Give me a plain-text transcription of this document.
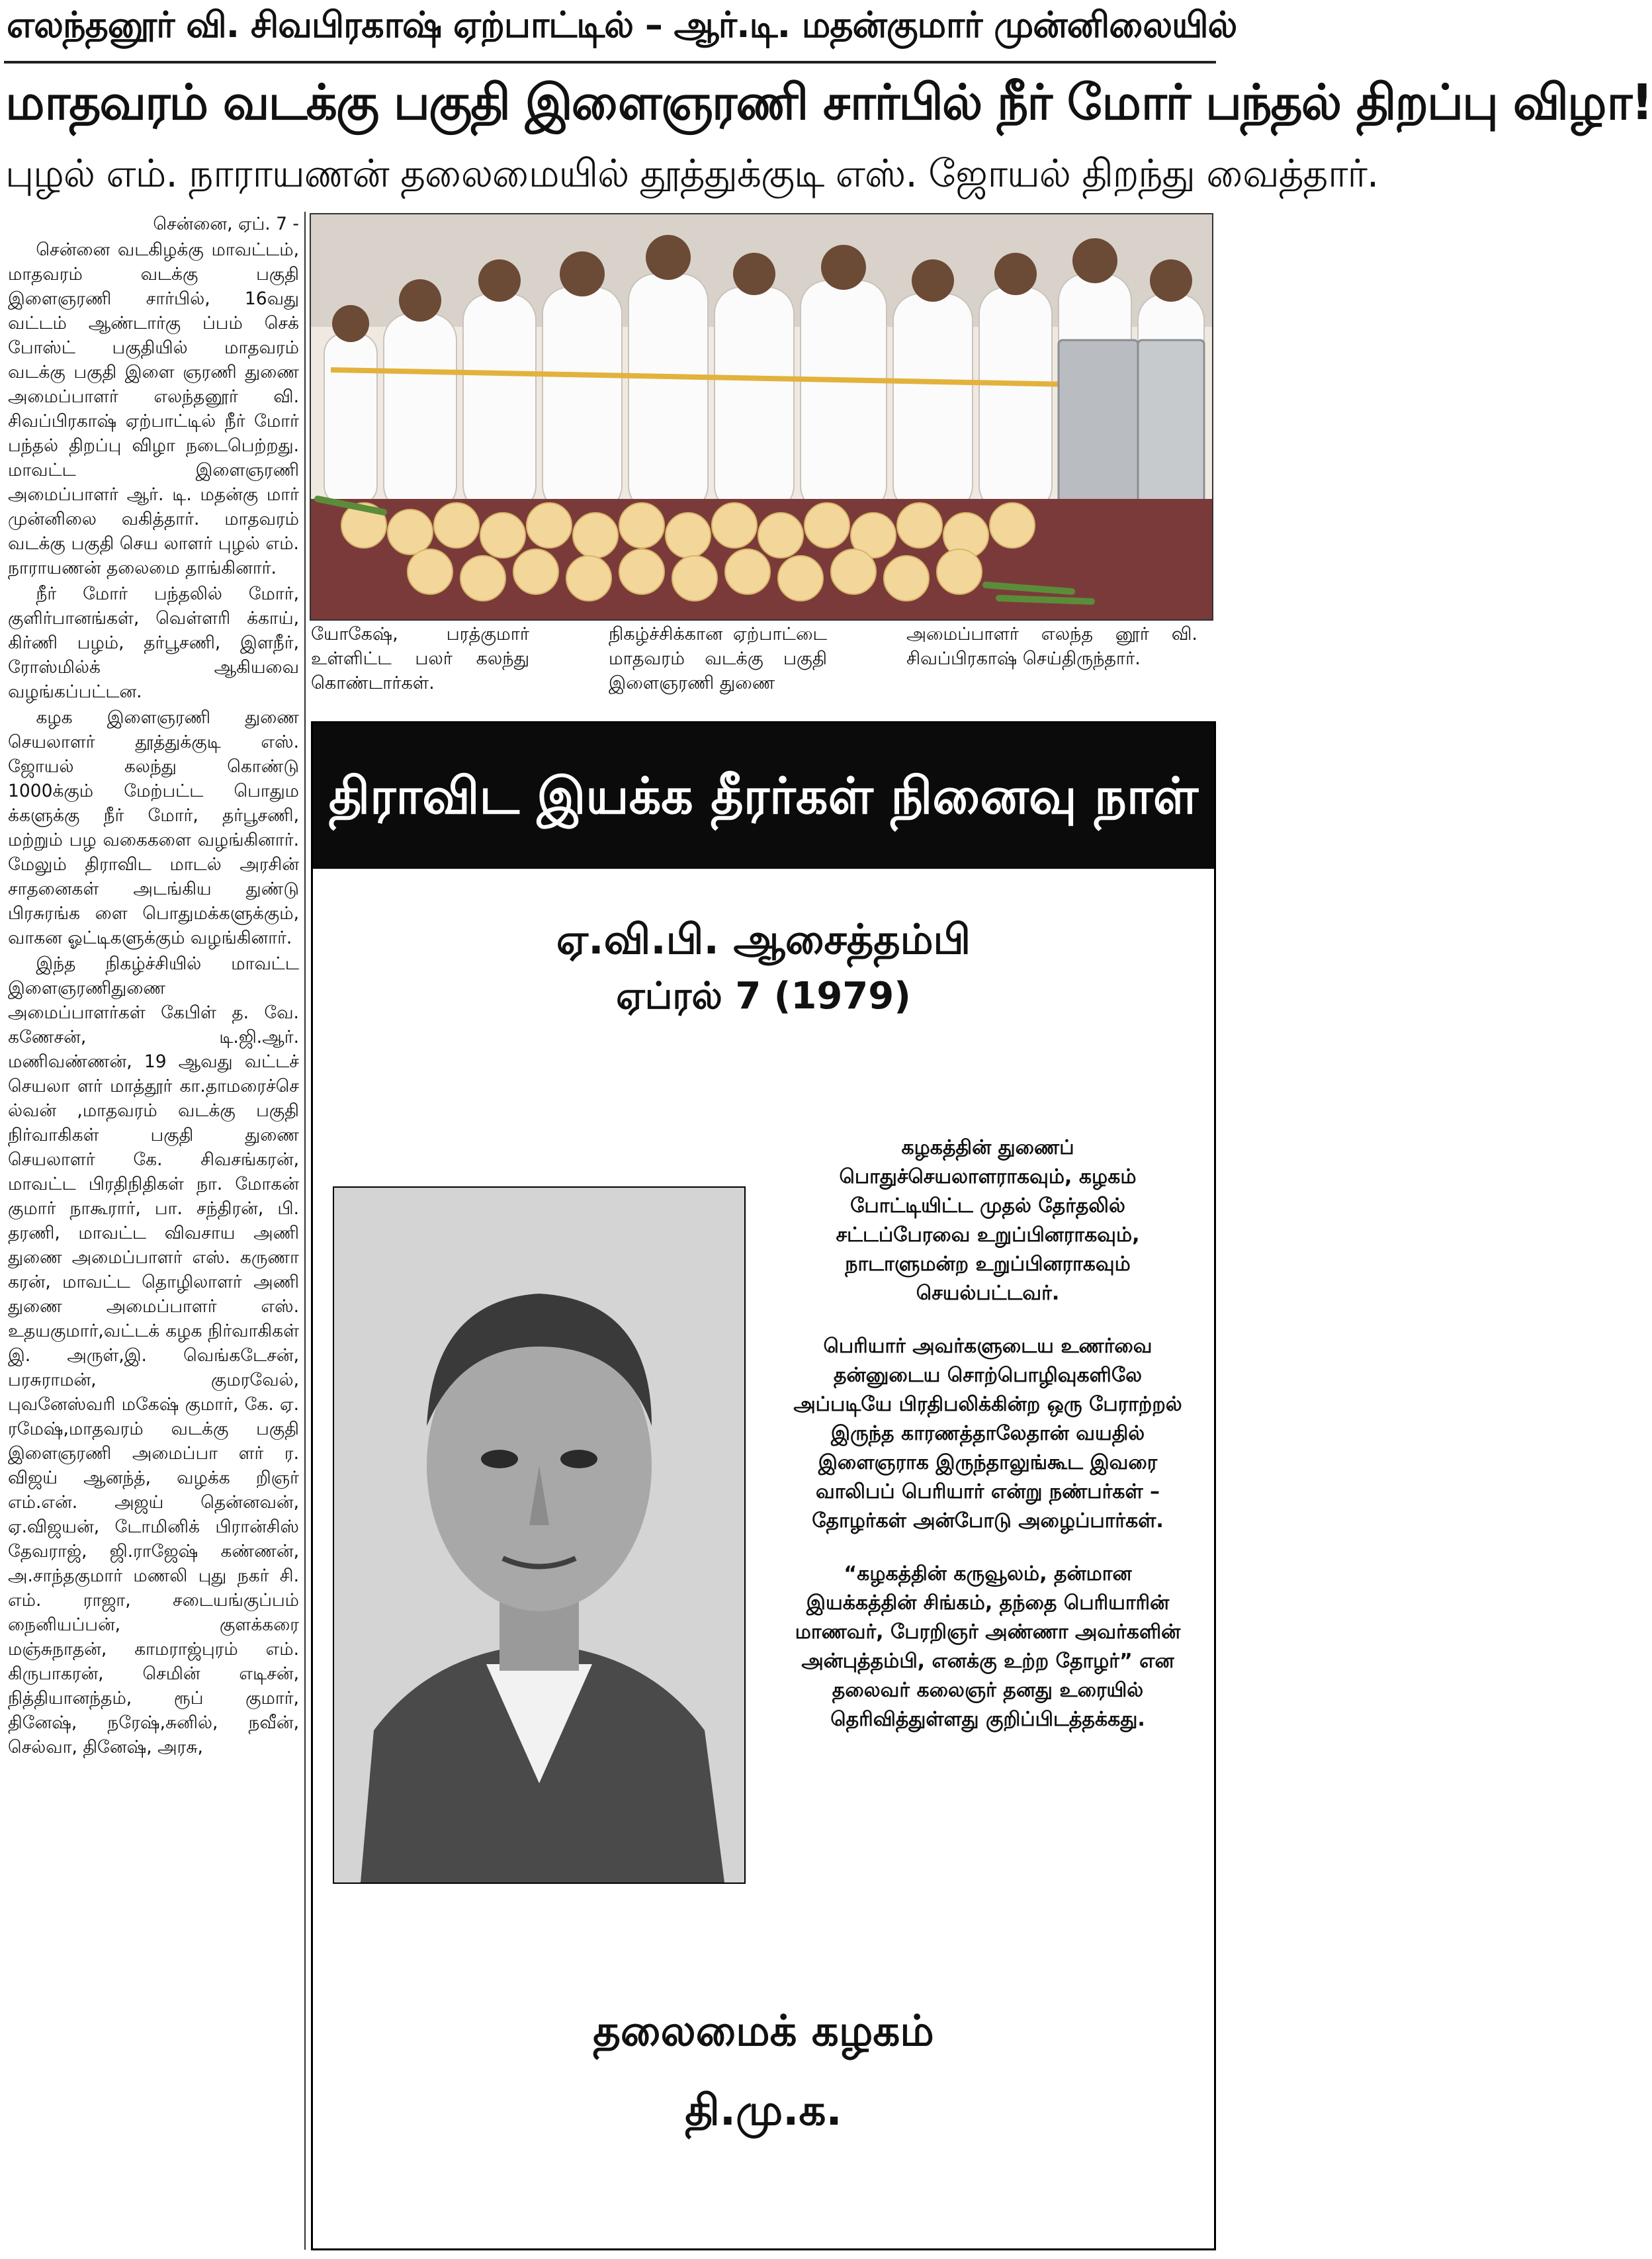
எலந்தனூர் வி. சிவபிரகாஷ் ஏற்பாட்டில் – ஆர்.டி. மதன்குமார் முன்னிலையில்
மாதவரம் வடக்கு பகுதி இளைஞரணி சார்பில் நீர் மோர் பந்தல் திறப்பு விழா!
புழல் எம். நாராயணன் தலைமையில் தூத்துக்குடி எஸ். ஜோயல் திறந்து வைத்தார்.

சென்னை, ஏப். 7 -

சென்னை வடகிழக்கு மாவட்டம், மாதவரம் வடக்கு பகுதி இளைஞரணி சார்பில், 16வது வட்டம் ஆண்டார்கு ப்பம் செக் போஸ்ட் பகுதியில் மாதவரம் வடக்கு பகுதி இளை ஞரணி துணை அமைப்பாளர் எலந்தனூர் வி. சிவப்பிரகாஷ் ஏற்பாட்டில் நீர் மோர் பந்தல் திறப்பு விழா நடைபெற்றது. மாவட்ட இளைஞரணி அமைப்பாளர் ஆர். டி. மதன்கு மார் முன்னிலை வகித்தார். மாதவரம் வடக்கு பகுதி செய லாளர் புழல் எம். நாராயணன் தலைமை தாங்கினார்.

நீர் மோர் பந்தலில் மோர், குளிர்பானங்கள், வெள்ளரி க்காய், கிர்ணி பழம், தர்பூசணி, இளநீர், ரோஸ்மில்க் ஆகியவை வழங்கப்பட்டன.

கழக இளைஞரணி துணை செயலாளர் தூத்துக்குடி எஸ். ஜோயல் கலந்து கொண்டு 1000க்கும் மேற்பட்ட பொதும க்களுக்கு நீர் மோர், தர்பூசணி, மற்றும் பழ வகைகளை வழங்கினார். மேலும் திராவிட மாடல் அரசின் சாதனைகள் அடங்கிய துண்டு பிரசுரங்க ளை பொதுமக்களுக்கும், வாகன ஓட்டிகளுக்கும் வழங்கினார்.

இந்த நிகழ்ச்சியில் மாவட்ட இளைஞரணிதுணை அமைப்பாளர்கள் கேபிள் த. வே. கணேசன், டி.ஜி.ஆர். மணிவண்ணன், 19 ஆவது வட்டச் செயலா ளர் மாத்தூர் கா.தாமரைச்செ ல்வன் ,மாதவரம் வடக்கு பகுதி நிர்வாகிகள் பகுதி துணை செயலாளர் கே. சிவசங்கரன், மாவட்ட பிரதிநிதிகள் நா. மோகன் குமார் நாகூரார், பா. சந்திரன், பி. தரணி, மாவட்ட விவசாய அணி துணை அமைப்பாளர் எஸ். கருணா கரன், மாவட்ட தொழிலாளர் அணி துணை அமைப்பாளர் எஸ். உதயகுமார்,வட்டக் கழக நிர்வாகிகள் இ. அருள்,இ. வெங்கடேசன், பரசுராமன், குமரவேல், புவனேஸ்வரி மகேஷ் குமார், கே. ஏ. ரமேஷ்,மாதவரம் வடக்கு பகுதி இளைஞரணி அமைப்பா ளர் ர. விஜய் ஆனந்த், வழக்க றிஞர் எம்.என். அஜய் தென்னவன், ஏ.விஜயன், டோமினிக் பிரான்சிஸ் தேவராஜ், ஜி.ராஜேஷ் கண்ணன், அ.சாந்தகுமார் மணலி புது நகர் சி. எம். ராஜா, சடையங்குப்பம் நைனியப்பன், குளக்கரை மஞ்சுநாதன், காமராஜ்புரம் எம். கிருபாகரன், செமின் எடிசன், நித்தியானந்தம், ரூப் குமார், தினேஷ், நரேஷ்,சுனில், நவீன், செல்வா, தினேஷ், அரசு,

யோகேஷ், பரத்குமார் உள்ளிட்ட பலர் கலந்து கொண்டார்கள்.
நிகழ்ச்சிக்கான ஏற்பாட்டை மாதவரம் வடக்கு பகுதி இளைஞரணி துணை
அமைப்பாளர் எலந்த னூர் வி. சிவப்பிரகாஷ் செய்திருந்தார்.
திராவிட இயக்க தீரர்கள் நினைவு நாள்
ஏ.வி.பி. ஆசைத்தம்பி
ஏப்ரல் 7 (1979)

கழகத்தின் துணைப் பொதுச்செயலாளராகவும், கழகம் போட்டியிட்ட முதல் தேர்தலில் சட்டப்பேரவை உறுப்பினராகவும், நாடாளுமன்ற உறுப்பினராகவும் செயல்பட்டவர்.

பெரியார் அவர்களுடைய உணர்வை தன்னுடைய சொற்பொழிவுகளிலே அப்படியே பிரதிபலிக்கின்ற ஒரு பேராற்றல் இருந்த காரணத்தாலேதான் வயதில் இளைஞராக இருந்தாலுங்கூட இவரை வாலிபப் பெரியார் என்று நண்பர்கள் – தோழர்கள் அன்போடு அழைப்பார்கள்.

“கழகத்தின் கருவூலம், தன்மான இயக்கத்தின் சிங்கம், தந்தை பெரியாரின் மாணவர், பேரறிஞர் அண்ணா அவர்களின் அன்புத்தம்பி, எனக்கு உற்ற தோழர்” என தலைவர் கலைஞர் தனது உரையில் தெரிவித்துள்ளது குறிப்பிடத்தக்கது.

தலைமைக் கழகம்
தி.மு.க.
